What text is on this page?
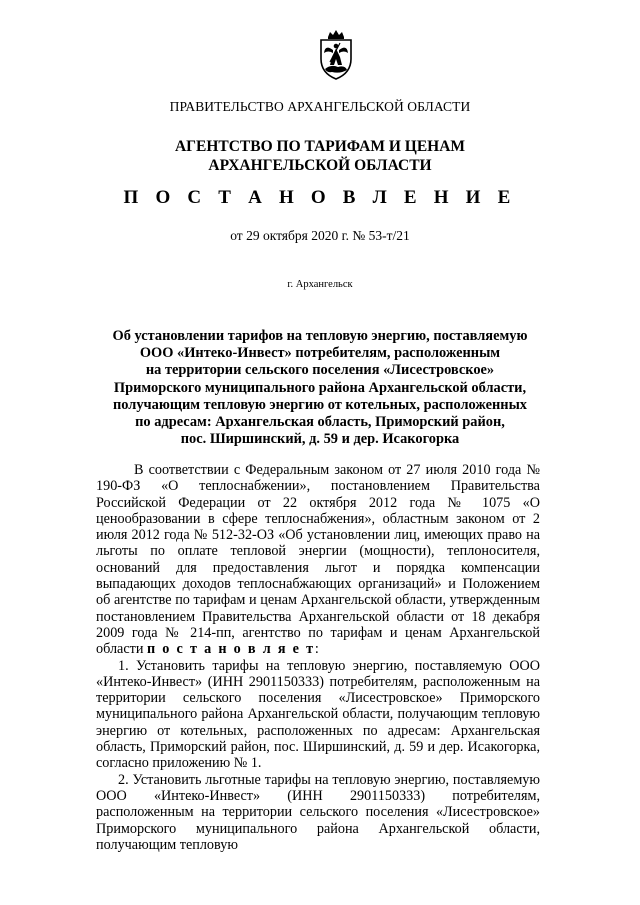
ПРАВИТЕЛЬСТВО АРХАНГЕЛЬСКОЙ ОБЛАСТИ
АГЕНТСТВО ПО ТАРИФАМ И ЦЕНАМ
АРХАНГЕЛЬСКОЙ ОБЛАСТИ
П О С Т А Н О В Л Е Н И Е
от 29 октября 2020 г. № 53-т/21
г. Архангельск
Об установлении тарифов на тепловую энергию, поставляемую
ООО «Интеко-Инвест» потребителям, расположенным
на территории сельского поселения «Лисестровское»
Приморского муниципального района Архангельской области,
получающим тепловую энергию от котельных, расположенных
по адресам: Архангельская область, Приморский район,
пос. Ширшинский, д. 59 и дер. Исакогорка

В соответствии с Федеральным законом от 27 июля 2010 года № 190-ФЗ «О теплоснабжении», постановлением Правительства Российской Федерации от 22 октября 2012 года № 1075 «О ценообразовании в сфере теплоснабжения», областным законом от 2 июля 2012 года № 512-32-ОЗ «Об установлении лиц, имеющих право на льготы по оплате тепловой энергии (мощности), теплоносителя, оснований для предоставления льгот и порядка компенсации выпадающих доходов теплоснабжающих организаций» и Положением об агентстве по тарифам и ценам Архангельской области, утвержденным постановлением Правительства Архангельской области от 18 декабря 2009 года № 214-пп, агентство по тарифам и ценам Архангельской области п о с т а н о в л я е т:

1. Установить тарифы на тепловую энергию, поставляемую ООО «Интеко-Инвест» (ИНН 2901150333) потребителям, расположенным на территории сельского поселения «Лисестровское» Приморского муниципального района Архангельской области, получающим тепловую энергию от котельных, расположенных по адресам: Архангельская область, Приморский район, пос. Ширшинский, д. 59 и дер. Исакогорка, согласно приложению № 1.

2. Установить льготные тарифы на тепловую энергию, поставляемую ООО «Интеко-Инвест» (ИНН 2901150333) потребителям, расположенным на территории сельского поселения «Лисестровское» Приморского муниципального района Архангельской области, получающим тепловую
